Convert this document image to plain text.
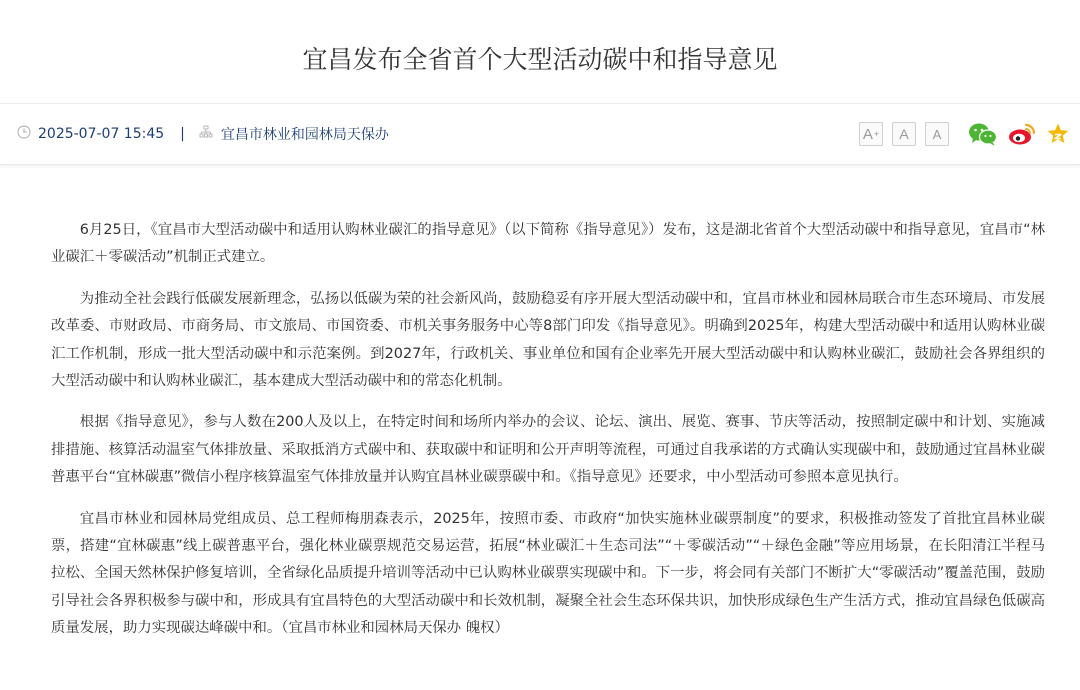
宜昌发布全省首个大型活动碳中和指导意见
2025-07-07 15:45 |	宜昌市林业和园林局天保办	A + A A

6月25日，《宜昌市大型活动碳中和适用认购林业碳汇的指导意见》（以下简称《指导意见》）发布，这是湖北省首个大型活动碳中和指导意见，宜昌市“林业碳汇＋零碳活动”机制正式建立。

为推动全社会践行低碳发展新理念，弘扬以低碳为荣的社会新风尚，鼓励稳妥有序开展大型活动碳中和，宜昌市林业和园林局联合市生态环境局、市发展改革委、市财政局、市商务局、市文旅局、市国资委、市机关事务服务中心等8部门印发《指导意见》。明确到2025年，构建大型活动碳中和适用认购林业碳汇工作机制，形成一批大型活动碳中和示范案例。到2027年，行政机关、事业单位和国有企业率先开展大型活动碳中和认购林业碳汇，鼓励社会各界组织的大型活动碳中和认购林业碳汇，基本建成大型活动碳中和的常态化机制。

根据《指导意见》，参与人数在200人及以上，在特定时间和场所内举办的会议、论坛、演出、展览、赛事、节庆等活动，按照制定碳中和计划、实施减排措施、核算活动温室气体排放量、采取抵消方式碳中和、获取碳中和证明和公开声明等流程，可通过自我承诺的方式确认实现碳中和，鼓励通过宜昌林业碳普惠平台“宜林碳惠”微信小程序核算温室气体排放量并认购宜昌林业碳票碳中和。《指导意见》还要求，中小型活动可参照本意见执行。

宜昌市林业和园林局党组成员、总工程师梅朋森表示，2025年，按照市委、市政府“加快实施林业碳票制度”的要求，积极推动签发了首批宜昌林业碳票，搭建“宜林碳惠”线上碳普惠平台，强化林业碳票规范交易运营，拓展“林业碳汇＋生态司法”“＋零碳活动”“＋绿色金融”等应用场景，在长阳清江半程马拉松、全国天然林保护修复培训，全省绿化品质提升培训等活动中已认购林业碳票实现碳中和。下一步，将会同有关部门不断扩大“零碳活动”覆盖范围，鼓励引导社会各界积极参与碳中和，形成具有宜昌特色的大型活动碳中和长效机制，凝聚全社会生态环保共识，加快形成绿色生产生活方式，推动宜昌绿色低碳高质量发展，助力实现碳达峰碳中和。（宜昌市林业和园林局天保办 魄权）
